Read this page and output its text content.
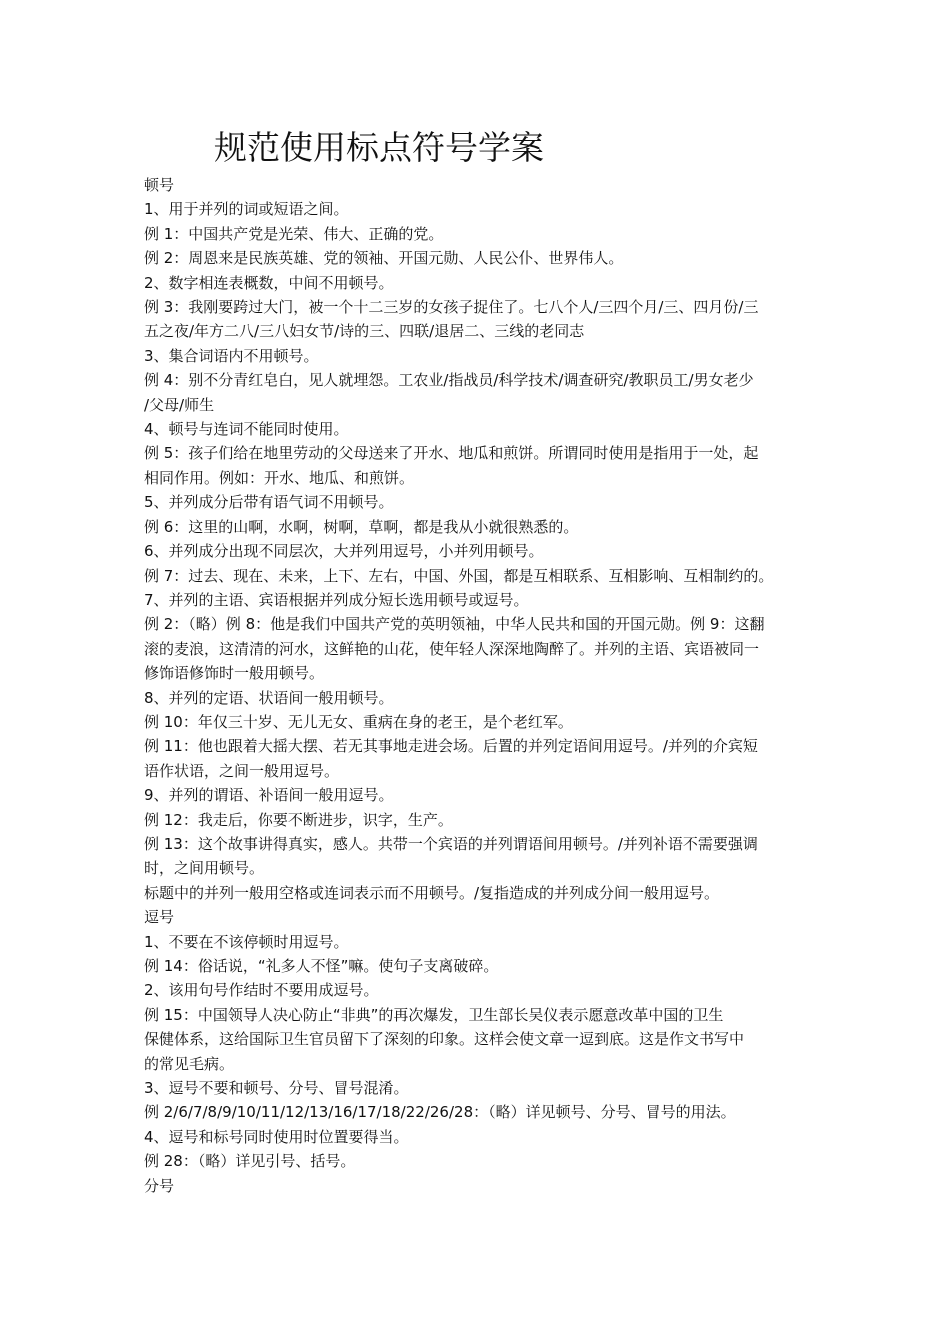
规范使用标点符号学案
顿号
1、用于并列的词或短语之间。
例 1：中国共产党是光荣、伟大、正确的党。
例 2：周恩来是民族英雄、党的领袖、开国元勋、人民公仆、世界伟人。
2、数字相连表概数，中间不用顿号。
例 3：我刚要跨过大门，被一个十二三岁的女孩子捉住了。七八个人/三四个月/三、四月份/三
五之夜/年方二八/三八妇女节/诗的三、四联/退居二、三线的老同志
3、集合词语内不用顿号。
例 4：别不分青红皂白，见人就埋怨。工农业/指战员/科学技术/调查研究/教职员工/男女老少
/父母/师生
4、顿号与连词不能同时使用。
例 5：孩子们给在地里劳动的父母送来了开水、地瓜和煎饼。所谓同时使用是指用于一处，起
相同作用。例如：开水、地瓜、和煎饼。
5、并列成分后带有语气词不用顿号。
例 6：这里的山啊，水啊，树啊，草啊，都是我从小就很熟悉的。
6、并列成分出现不同层次，大并列用逗号，小并列用顿号。
例 7：过去、现在、未来，上下、左右，中国、外国，都是互相联系、互相影响、互相制约的。
7、并列的主语、宾语根据并列成分短长选用顿号或逗号。
例 2：（略）例 8：他是我们中国共产党的英明领袖，中华人民共和国的开国元勋。例 9：这翻
滚的麦浪，这清清的河水，这鲜艳的山花，使年轻人深深地陶醉了。并列的主语、宾语被同一
修饰语修饰时一般用顿号。
8、并列的定语、状语间一般用顿号。
例 10：年仅三十岁、无儿无女、重病在身的老王，是个老红军。
例 11：他也跟着大摇大摆、若无其事地走进会场。后置的并列定语间用逗号。/并列的介宾短
语作状语，之间一般用逗号。
9、并列的谓语、补语间一般用逗号。
例 12：我走后，你要不断进步，识字，生产。
例 13：这个故事讲得真实，感人。共带一个宾语的并列谓语间用顿号。/并列补语不需要强调
时，之间用顿号。
标题中的并列一般用空格或连词表示而不用顿号。/复指造成的并列成分间一般用逗号。
逗号
1、不要在不该停顿时用逗号。
例 14：俗话说，“礼多人不怪”嘛。使句子支离破碎。
2、该用句号作结时不要用成逗号。
例 15：中国领导人决心防止“非典”的再次爆发，卫生部长吴仪表示愿意改革中国的卫生
保健体系，这给国际卫生官员留下了深刻的印象。这样会使文章一逗到底。这是作文书写中
的常见毛病。
3、逗号不要和顿号、分号、冒号混淆。
例 2/6/7/8/9/10/11/12/13/16/17/18/22/26/28：（略）详见顿号、分号、冒号的用法。
4、逗号和标号同时使用时位置要得当。
例 28：（略）详见引号、括号。
分号
